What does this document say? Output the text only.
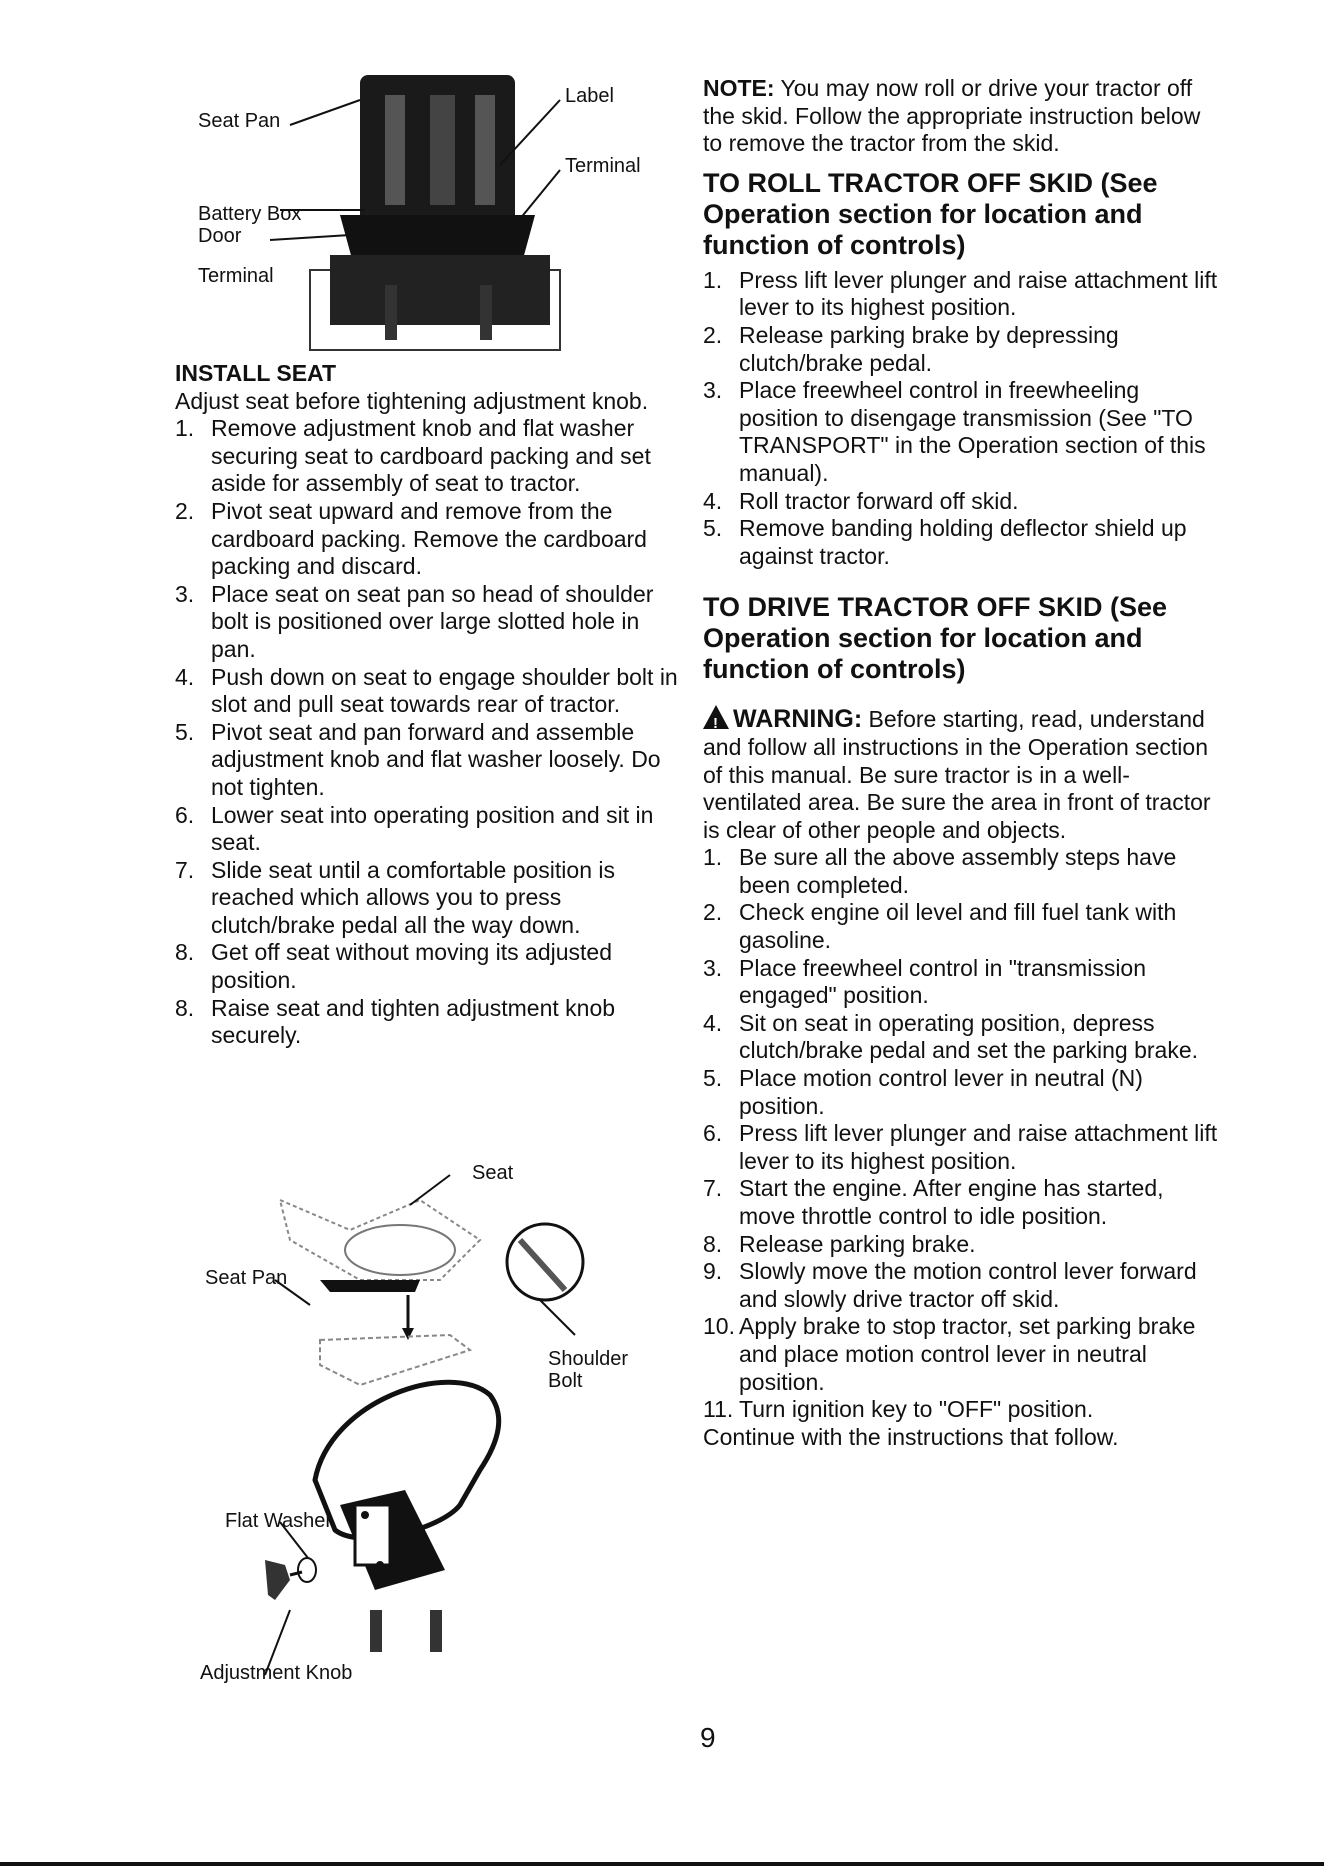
Seat Pan
Label
Terminal
Battery Box
Door
Terminal
INSTALL SEAT

Adjust seat before tightening adjustment knob.

1. Remove adjustment knob and flat washer securing seat to cardboard packing and set aside for assembly of seat to tractor.
2. Pivot seat upward and remove from the cardboard packing. Remove the cardboard packing and discard.
3. Place seat on seat pan so head of shoulder bolt is positioned over large slotted hole in pan.
4. Push down on seat to engage shoulder bolt in slot and pull seat towards rear of tractor.
5. Pivot seat and pan forward and assemble adjustment knob and flat washer loosely. Do not tighten.
6. Lower seat into operating position and sit in seat.
7. Slide seat until a comfortable position is reached which allows you to press clutch/brake pedal all the way down.
8. Get off seat without moving its adjusted position.
8. Raise seat and tighten adjustment knob securely.
Seat
Seat Pan
Shoulder
Bolt
Flat Washer
Adjustment Knob

NOTE: You may now roll or drive your tractor off the skid. Follow the appropriate instruction below to remove the tractor from the skid.

TO ROLL TRACTOR OFF SKID (See Operation section for location and function of controls)
1. Press lift lever plunger and raise attachment lift lever to its highest position.
2. Release parking brake by depressing clutch/brake pedal.
3. Place freewheel control in freewheeling position to disengage transmission (See "TO TRANSPORT" in the Operation section of this manual).
4. Roll tractor forward off skid.
5. Remove banding holding deflector shield up against tractor.
TO DRIVE TRACTOR OFF SKID (See Operation section for location and function of controls)

!WARNING: Before starting, read, understand and follow all instructions in the Operation section of this manual. Be sure tractor is in a well-ventilated area. Be sure the area in front of tractor is clear of other people and objects.

1. Be sure all the above assembly steps have been completed.
2. Check engine oil level and fill fuel tank with gasoline.
3. Place freewheel control in "transmission engaged" position.
4. Sit on seat in operating position, depress clutch/brake pedal and set the parking brake.
5. Place motion control lever in neutral (N) position.
6. Press lift lever plunger and raise attachment lift lever to its highest position.
7. Start the engine. After engine has started, move throttle control to idle position.
8. Release parking brake.
9. Slowly move the motion control lever forward and slowly drive tractor off skid.
10. Apply brake to stop tractor, set parking brake and place motion control lever in neutral position.
11. Turn ignition key to "OFF" position.

Continue with the instructions that follow.

9
